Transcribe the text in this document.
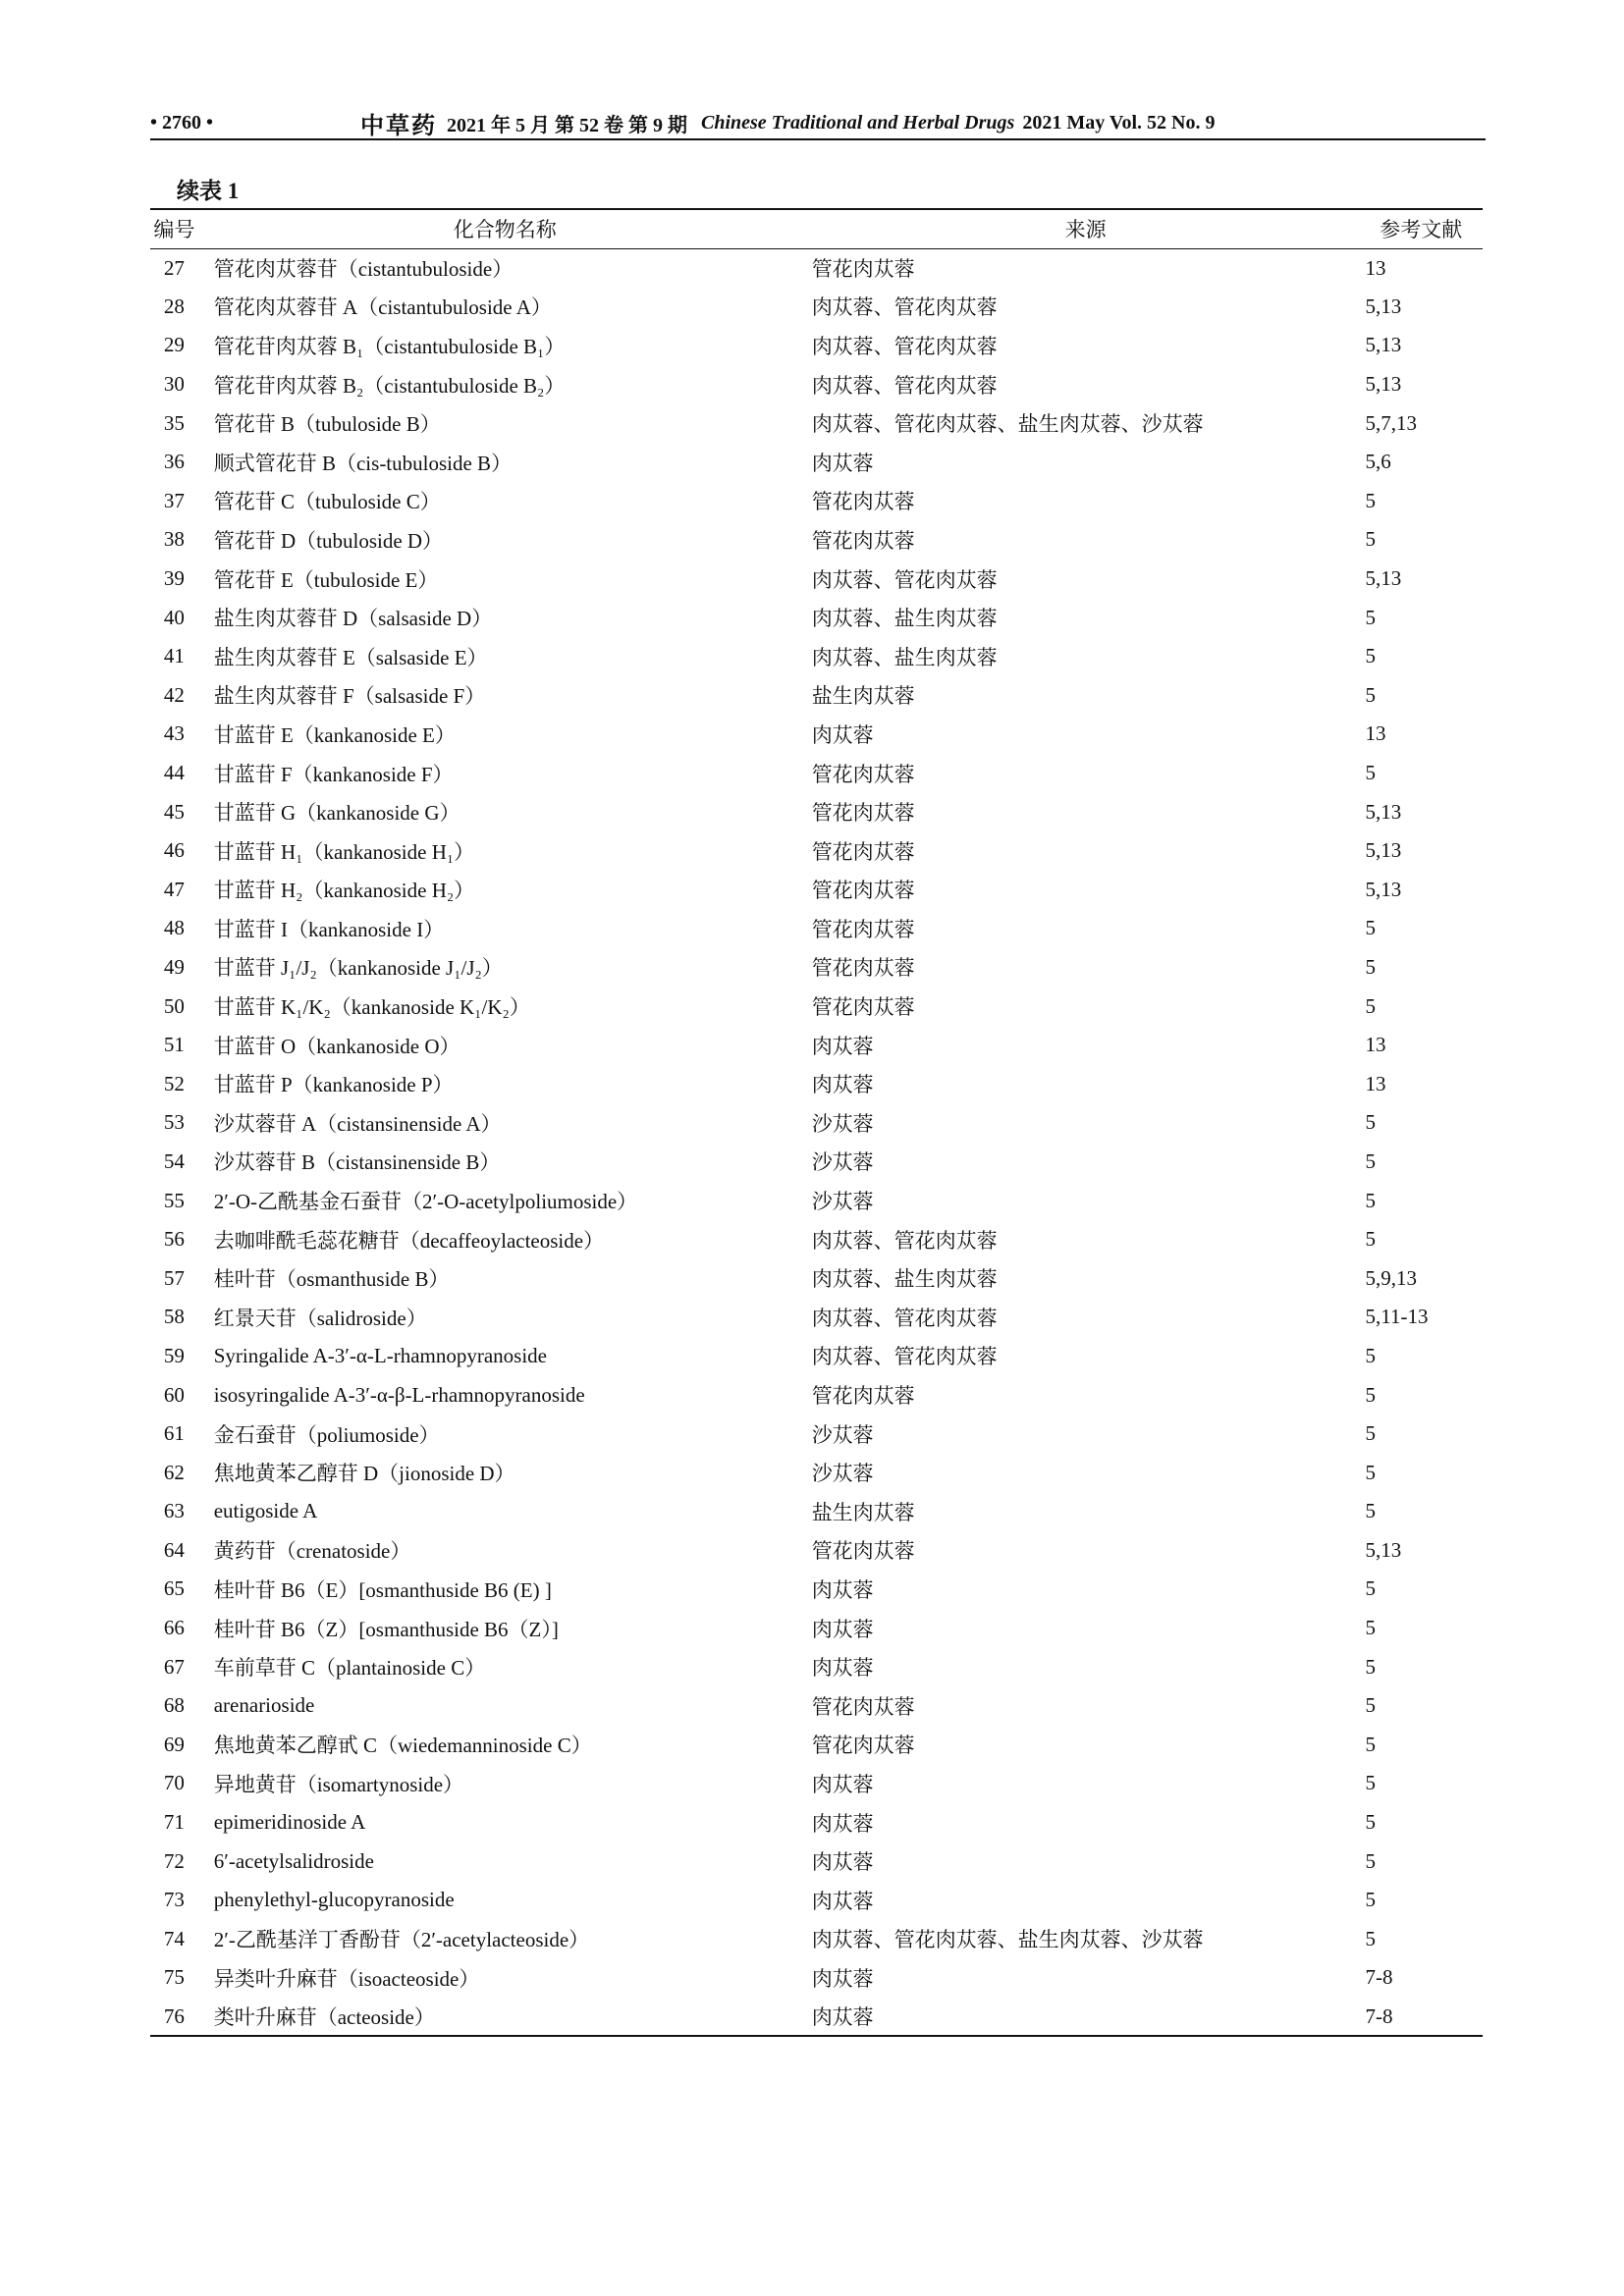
• 2760 •	中草药 2021 年 5 月 第 52 卷 第 9 期 Chinese Traditional and Herbal Drugs 2021 May Vol. 52 No. 9
续表 1
编号	化合物名称	来源	参考文献
27	管花肉苁蓉苷（cistantubuloside）	管花肉苁蓉	13
28	管花肉苁蓉苷 A（cistantubuloside A）	肉苁蓉、管花肉苁蓉	5,13
29	管花苷肉苁蓉 B₁（cistantubuloside B₁）	肉苁蓉、管花肉苁蓉	5,13
30	管花苷肉苁蓉 B₂（cistantubuloside B₂）	肉苁蓉、管花肉苁蓉	5,13
35	管花苷 B（tubuloside B）	肉苁蓉、管花肉苁蓉、盐生肉苁蓉、沙苁蓉	5,7,13
36	顺式管花苷 B（cis-tubuloside B）	肉苁蓉	5,6
37	管花苷 C（tubuloside C）	管花肉苁蓉	5
38	管花苷 D（tubuloside D）	管花肉苁蓉	5
39	管花苷 E（tubuloside E）	肉苁蓉、管花肉苁蓉	5,13
40	盐生肉苁蓉苷 D（salsaside D）	肉苁蓉、盐生肉苁蓉	5
41	盐生肉苁蓉苷 E（salsaside E）	肉苁蓉、盐生肉苁蓉	5
42	盐生肉苁蓉苷 F（salsaside F）	盐生肉苁蓉	5
43	甘蓝苷 E（kankanoside E）	肉苁蓉	13
44	甘蓝苷 F（kankanoside F）	管花肉苁蓉	5
45	甘蓝苷 G（kankanoside G）	管花肉苁蓉	5,13
46	甘蓝苷 H₁（kankanoside H₁）	管花肉苁蓉	5,13
47	甘蓝苷 H₂（kankanoside H₂）	管花肉苁蓉	5,13
48	甘蓝苷 I（kankanoside I）	管花肉苁蓉	5
49	甘蓝苷 J₁/J₂（kankanoside J₁/J₂）	管花肉苁蓉	5
50	甘蓝苷 K₁/K₂（kankanoside K₁/K₂）	管花肉苁蓉	5
51	甘蓝苷 O（kankanoside O）	肉苁蓉	13
52	甘蓝苷 P（kankanoside P）	肉苁蓉	13
53	沙苁蓉苷 A（cistansinenside A）	沙苁蓉	5
54	沙苁蓉苷 B（cistansinenside B）	沙苁蓉	5
55	2′-O-乙酰基金石蚕苷（2′-O-acetylpoliumoside）	沙苁蓉	5
56	去咖啡酰毛蕊花糖苷（decaffeoylacteoside）	肉苁蓉、管花肉苁蓉	5
57	桂叶苷（osmanthuside B）	肉苁蓉、盐生肉苁蓉	5,9,13
58	红景天苷（salidroside）	肉苁蓉、管花肉苁蓉	5,11-13
59	Syringalide A-3′-α-L-rhamnopyranoside	肉苁蓉、管花肉苁蓉	5
60	isosyringalide A-3′-α-β-L-rhamnopyranoside	管花肉苁蓉	5
61	金石蚕苷（poliumoside）	沙苁蓉	5
62	焦地黄苯乙醇苷 D（jionoside D）	沙苁蓉	5
63	eutigoside A	盐生肉苁蓉	5
64	黄药苷（crenatoside）	管花肉苁蓉	5,13
65	桂叶苷 B6（E）[osmanthuside B6 (E) ]	肉苁蓉	5
66	桂叶苷 B6（Z）[osmanthuside B6（Z）]	肉苁蓉	5
67	车前草苷 C（plantainoside C）	肉苁蓉	5
68	arenarioside	管花肉苁蓉	5
69	焦地黄苯乙醇甙 C（wiedemanninoside C）	管花肉苁蓉	5
70	异地黄苷（isomartynoside）	肉苁蓉	5
71	epimeridinoside A	肉苁蓉	5
72	6′-acetylsalidroside	肉苁蓉	5
73	phenylethyl-glucopyranoside	肉苁蓉	5
74	2′-乙酰基洋丁香酚苷（2′-acetylacteoside）	肉苁蓉、管花肉苁蓉、盐生肉苁蓉、沙苁蓉	5
75	异类叶升麻苷（isoacteoside）	肉苁蓉	7-8
76	类叶升麻苷（acteoside）	肉苁蓉	7-8
